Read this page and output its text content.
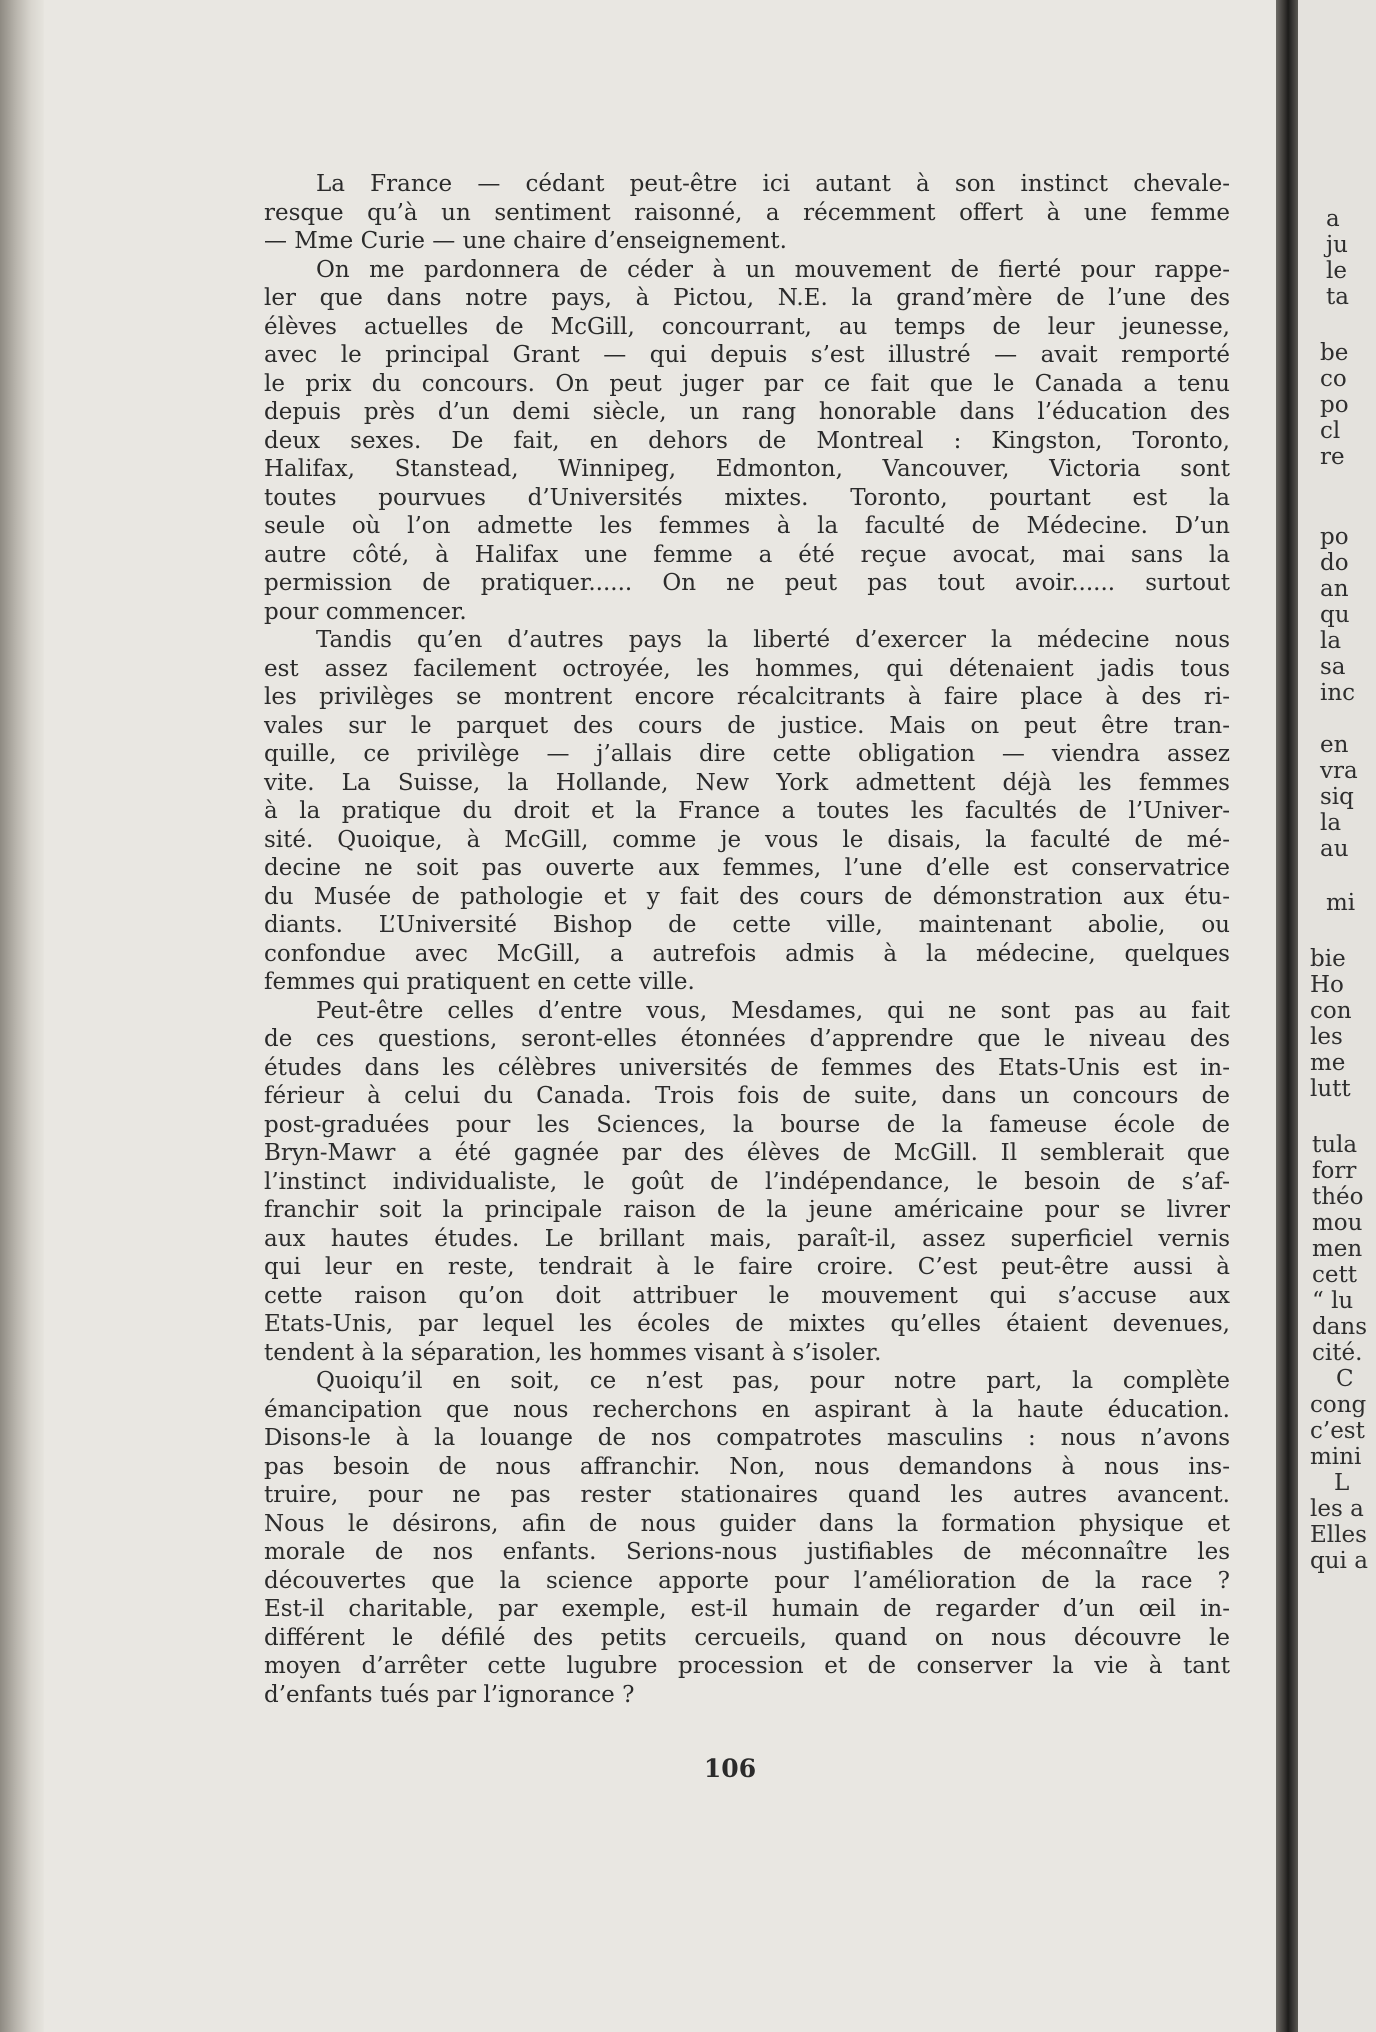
La France — cédant peut-être ici autant à son instinct chevale-
resque qu’à un sentiment raisonné, a récemment offert à une femme
— Mme Curie — une chaire d’enseignement.
On me pardonnera de céder à un mouvement de fierté pour rappe-
ler que dans notre pays, à Pictou, N.E. la grand’mère de l’une des
élèves actuelles de McGill, concourrant, au temps de leur jeunesse,
avec le principal Grant — qui depuis s’est illustré — avait remporté
le prix du concours. On peut juger par ce fait que le Canada a tenu
depuis près d’un demi siècle, un rang honorable dans l’éducation des
deux sexes. De fait, en dehors de Montreal : Kingston, Toronto,
Halifax, Stanstead, Winnipeg, Edmonton, Vancouver, Victoria sont
toutes pourvues d’Universités mixtes. Toronto, pourtant est la
seule où l’on admette les femmes à la faculté de Médecine. D’un
autre côté, à Halifax une femme a été reçue avocat, mai sans la
permission de pratiquer...... On ne peut pas tout avoir...... surtout
pour commencer.
Tandis qu’en d’autres pays la liberté d’exercer la médecine nous
est assez facilement octroyée, les hommes, qui détenaient jadis tous
les privilèges se montrent encore récalcitrants à faire place à des ri-
vales sur le parquet des cours de justice. Mais on peut être tran-
quille, ce privilège — j’allais dire cette obligation — viendra assez
vite. La Suisse, la Hollande, New York admettent déjà les femmes
à la pratique du droit et la France a toutes les facultés de l’Univer-
sité. Quoique, à McGill, comme je vous le disais, la faculté de mé-
decine ne soit pas ouverte aux femmes, l’une d’elle est conservatrice
du Musée de pathologie et y fait des cours de démonstration aux étu-
diants. L’Université Bishop de cette ville, maintenant abolie, ou
confondue avec McGill, a autrefois admis à la médecine, quelques
femmes qui pratiquent en cette ville.
Peut-être celles d’entre vous, Mesdames, qui ne sont pas au fait
de ces questions, seront-elles étonnées d’apprendre que le niveau des
études dans les célèbres universités de femmes des Etats-Unis est in-
férieur à celui du Canada. Trois fois de suite, dans un concours de
post-graduées pour les Sciences, la bourse de la fameuse école de
Bryn-Mawr a été gagnée par des élèves de McGill. Il semblerait que
l’instinct individualiste, le goût de l’indépendance, le besoin de s’af-
franchir soit la principale raison de la jeune américaine pour se livrer
aux hautes études. Le brillant mais, paraît-il, assez superficiel vernis
qui leur en reste, tendrait à le faire croire. C’est peut-être aussi à
cette raison qu’on doit attribuer le mouvement qui s’accuse aux
Etats-Unis, par lequel les écoles de mixtes qu’elles étaient devenues,
tendent à la séparation, les hommes visant à s’isoler.
Quoiqu’il en soit, ce n’est pas, pour notre part, la complète
émancipation que nous recherchons en aspirant à la haute éducation.
Disons-le à la louange de nos compatrotes masculins : nous n’avons
pas besoin de nous affranchir. Non, nous demandons à nous ins-
truire, pour ne pas rester stationaires quand les autres avancent.
Nous le désirons, afin de nous guider dans la formation physique et
morale de nos enfants. Serions-nous justifiables de méconnaître les
découvertes que la science apporte pour l’amélioration de la race ?
Est-il charitable, par exemple, est-il humain de regarder d’un œil in-
différent le défilé des petits cercueils, quand on nous découvre le
moyen d’arrêter cette lugubre procession et de conserver la vie à tant
d’enfants tués par l’ignorance ?
106
a
ju
le
ta
be
co
po
cl
re
po
do
an
qu
la
sa
inc
en
vra
siq
la
au
mi
bie
Ho
con
les
me
lutt
tula
forr
théo
mou
men
cett
“ lu
dans
cité.
C
cong
c’est
mini
L
les a
Elles
qui a
